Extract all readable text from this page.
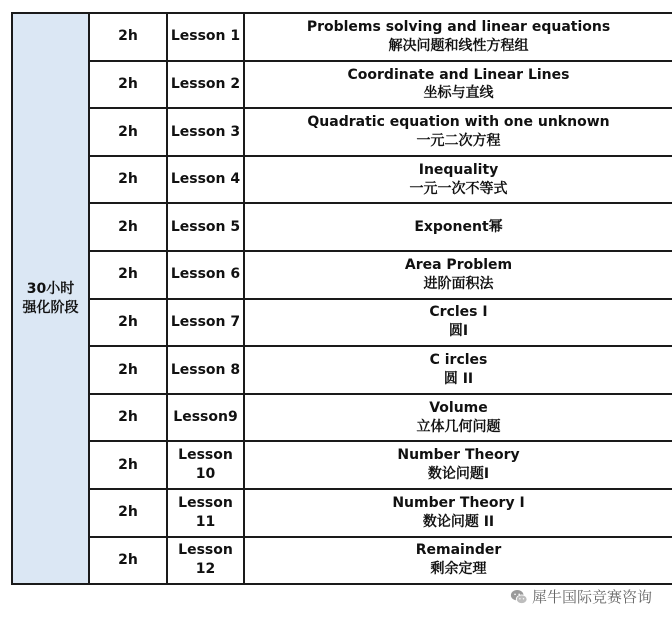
30小时
强化阶段	2h	Lesson 1	Problems solving and linear equations
解决问题和线性方程组

	2h	Lesson 2	Coordinate and Linear Lines
坐标与直线

	2h	Lesson 3	Quadratic equation with one unknown
一元二次方程

	2h	Lesson 4	Inequality
一元一次不等式

	2h	Lesson 5	Exponent幂

	2h	Lesson 6	Area Problem
进阶面积法

	2h	Lesson 7	Crcles I
圆I

	2h	Lesson 8	C ircles
圆 II

	2h	Lesson9	Volume
立体几何问题

	2h	Lesson 10	Number Theory
数论问题I

	2h	Lesson 11	Number Theory I
数论问题 II

	2h	Lesson 12	Remainder
剩余定理
犀牛国际竞赛咨询
